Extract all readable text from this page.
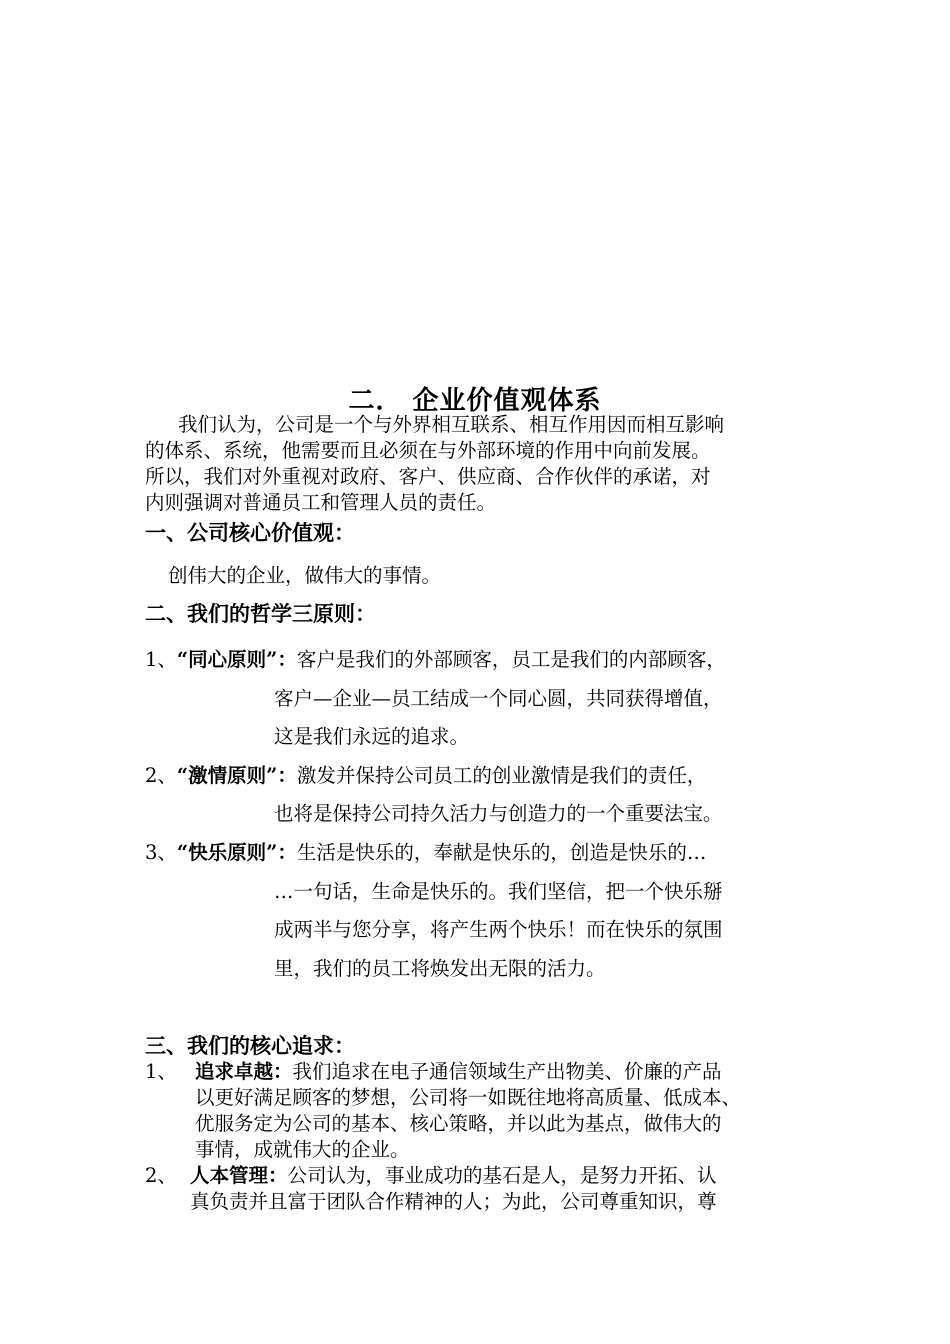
二． 企业价值观体系
我们认为，公司是一个与外界相互联系、相互作用因而相互影响
的体系、系统，他需要而且必须在与外部环境的作用中向前发展。
所以，我们对外重视对政府、客户、供应商、合作伙伴的承诺，对
内则强调对普通员工和管理人员的责任。
一、公司核心价值观：
创伟大的企业，做伟大的事情。
二、我们的哲学三原则：
1、“同心原则”：客户是我们的外部顾客，员工是我们的内部顾客，
客户—企业—员工结成一个同心圆，共同获得增值，
这是我们永远的追求。
2、“激情原则”：激发并保持公司员工的创业激情是我们的责任，
也将是保持公司持久活力与创造力的一个重要法宝。
3、“快乐原则”：生活是快乐的，奉献是快乐的，创造是快乐的…
…一句话，生命是快乐的。我们坚信，把一个快乐掰
成两半与您分享，将产生两个快乐！而在快乐的氛围
里，我们的员工将焕发出无限的活力。
三、我们的核心追求：
1、 追求卓越：我们追求在电子通信领域生产出物美、价廉的产品
以更好满足顾客的梦想，公司将一如既往地将高质量、低成本、
优服务定为公司的基本、核心策略，并以此为基点，做伟大的
事情，成就伟大的企业。
2、 人本管理：公司认为，事业成功的基石是人，是努力开拓、认
真负责并且富于团队合作精神的人；为此，公司尊重知识，尊
